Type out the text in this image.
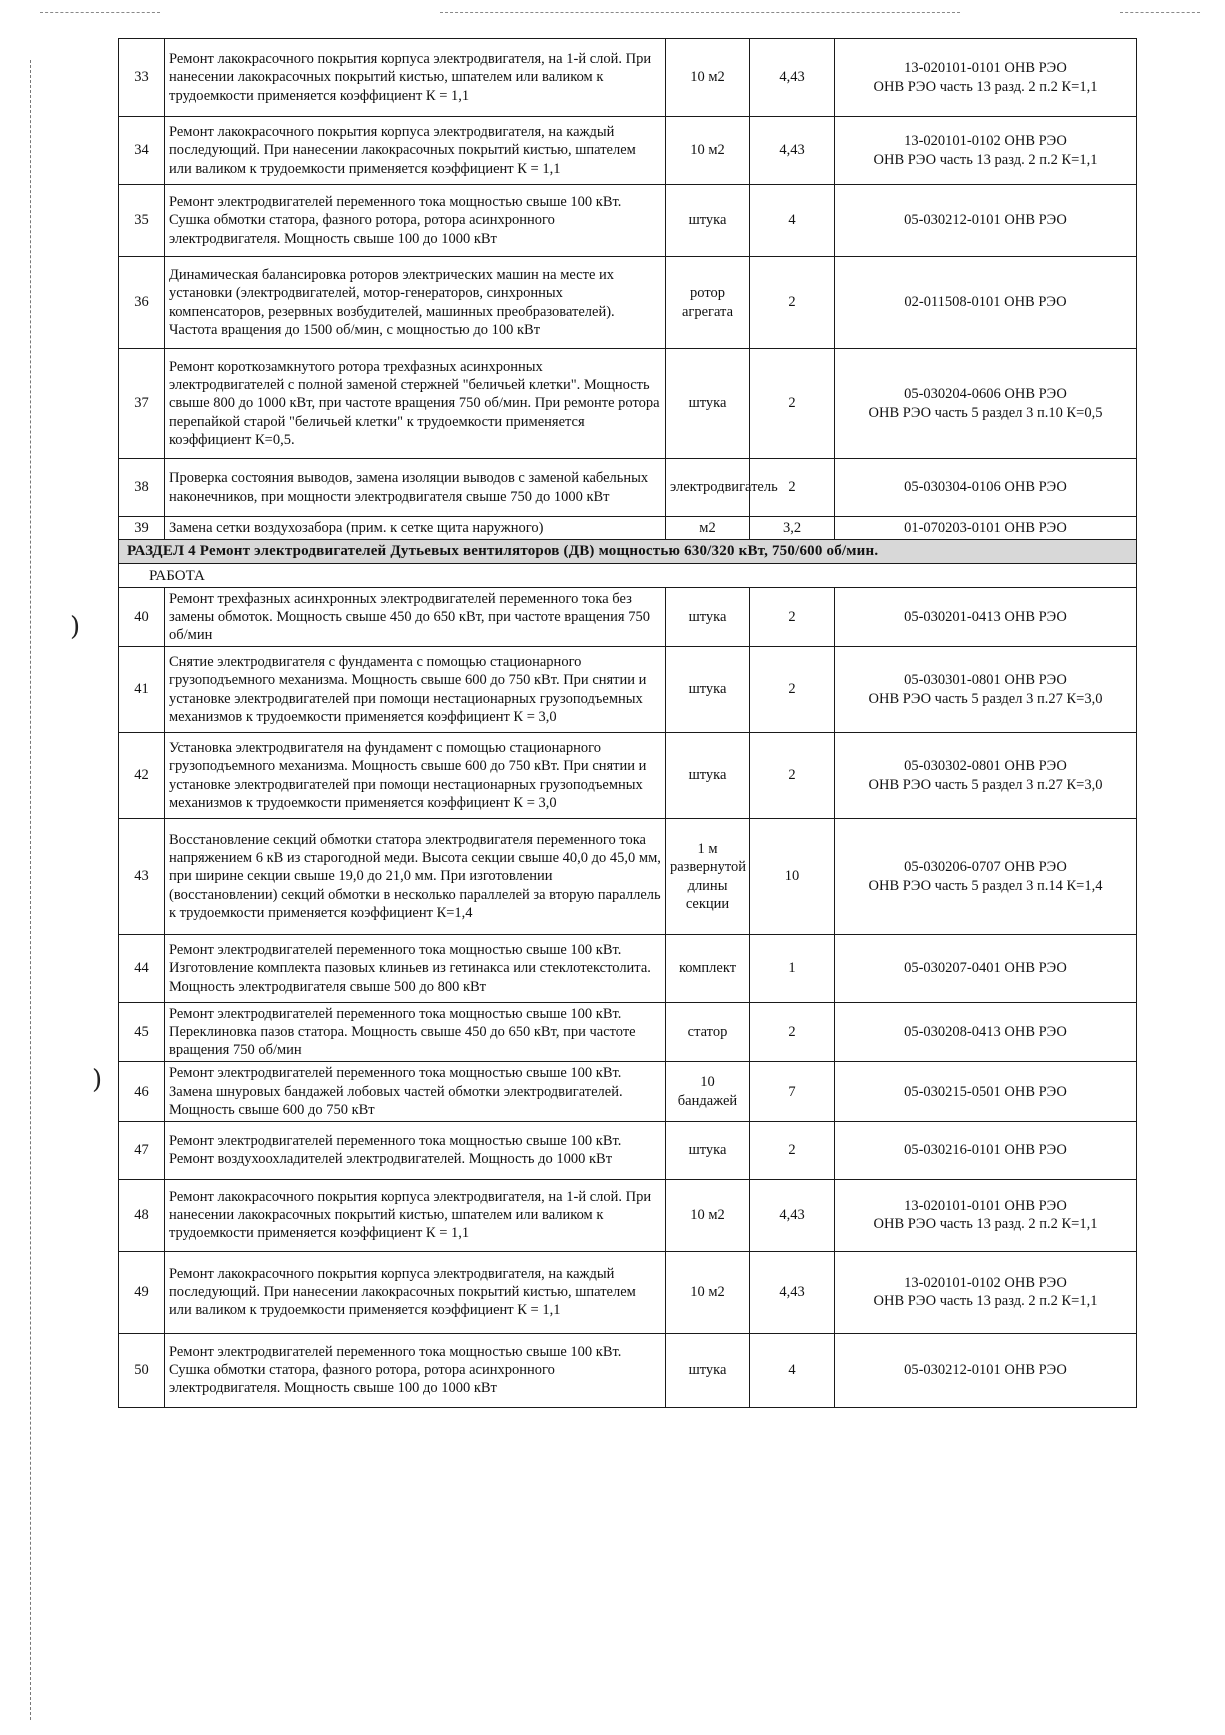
)
)
33	Ремонт лакокрасочного покрытия корпуса электродвигателя, на 1-й слой. При нанесении лакокрасочных покрытий кистью, шпателем или валиком к трудоемкости применяется коэффициент К = 1,1	10 м2	4,43	13-020101-0101 ОНВ РЭО
ОНВ РЭО часть 13 разд. 2 п.2 К=1,1
34	Ремонт лакокрасочного покрытия корпуса электродвигателя, на каждый последующий. При нанесении лакокрасочных покрытий кистью, шпателем или валиком к трудоемкости применяется коэффициент К = 1,1	10 м2	4,43	13-020101-0102 ОНВ РЭО
ОНВ РЭО часть 13 разд. 2 п.2 К=1,1
35	Ремонт электродвигателей переменного тока мощностью свыше 100 кВт. Сушка обмотки статора, фазного ротора, ротора асинхронного электродвигателя. Мощность свыше 100 до 1000 кВт	штука	4	05-030212-0101 ОНВ РЭО
36	Динамическая балансировка роторов электрических машин на месте их установки (электродвигателей, мотор-генераторов, синхронных компенсаторов, резервных возбудителей, машинных преобразователей). Частота вращения до 1500 об/мин, с мощностью до 100 кВт	ротор агрегата	2	02-011508-0101 ОНВ РЭО
37	Ремонт короткозамкнутого ротора трехфазных асинхронных электродвигателей с полной заменой стержней "беличьей клетки". Мощность свыше 800 до 1000 кВт, при частоте вращения 750 об/мин. При ремонте ротора перепайкой старой "беличьей клетки" к трудоемкости применяется коэффициент К=0,5.	штука	2	05-030204-0606 ОНВ РЭО
ОНВ РЭО часть 5 раздел 3 п.10 К=0,5
38	Проверка состояния выводов, замена изоляции выводов с заменой кабельных наконечников, при мощности электродвигателя свыше 750 до 1000 кВт	электродвигатель	2	05-030304-0106 ОНВ РЭО
39	Замена сетки воздухозабора (прим. к сетке щита наружного)	м2	3,2	01-070203-0101 ОНВ РЭО
РАЗДЕЛ 4 Ремонт электродвигателей Дутьевых вентиляторов (ДВ) мощностью 630/320 кВт, 750/600 об/мин.				
РАБОТА				
40	Ремонт трехфазных асинхронных электродвигателей переменного тока без замены обмоток. Мощность свыше 450 до 650 кВт, при частоте вращения 750 об/мин	штука	2	05-030201-0413 ОНВ РЭО
41	Снятие электродвигателя с фундамента с помощью стационарного грузоподъемного механизма. Мощность свыше 600 до 750 кВт. При снятии и установке электродвигателей при помощи нестационарных грузоподъемных механизмов к трудоемкости применяется коэффициент К = 3,0	штука	2	05-030301-0801 ОНВ РЭО
ОНВ РЭО часть 5 раздел 3 п.27 К=3,0
42	Установка электродвигателя на фундамент с помощью стационарного грузоподъемного механизма. Мощность свыше 600 до 750 кВт. При снятии и установке электродвигателей при помощи нестационарных грузоподъемных механизмов к трудоемкости применяется коэффициент К = 3,0	штука	2	05-030302-0801 ОНВ РЭО
ОНВ РЭО часть 5 раздел 3 п.27 К=3,0
43	Восстановление секций обмотки статора электродвигателя переменного тока напряжением 6 кВ из старогодной меди. Высота секции свыше 40,0 до 45,0 мм, при ширине секции свыше 19,0 до 21,0 мм. При изготовлении (восстановлении) секций обмотки в несколько параллелей за вторую параллель к трудоемкости применяется коэффициент К=1,4	1 м развернутой длины секции	10	05-030206-0707 ОНВ РЭО
ОНВ РЭО часть 5 раздел 3 п.14 К=1,4
44	Ремонт электродвигателей переменного тока мощностью свыше 100 кВт. Изготовление комплекта пазовых клиньев из гетинакса или стеклотекстолита. Мощность электродвигателя свыше 500 до 800 кВт	комплект	1	05-030207-0401 ОНВ РЭО
45	Ремонт электродвигателей переменного тока мощностью свыше 100 кВт. Переклиновка пазов статора. Мощность свыше 450 до 650 кВт, при частоте вращения 750 об/мин	статор	2	05-030208-0413 ОНВ РЭО
46	Ремонт электродвигателей переменного тока мощностью свыше 100 кВт. Замена шнуровых бандажей лобовых частей обмотки электродвигателей. Мощность свыше 600 до 750 кВт	10 бандажей	7	05-030215-0501 ОНВ РЭО
47	Ремонт электродвигателей переменного тока мощностью свыше 100 кВт. Ремонт воздухоохладителей электродвигателей. Мощность до 1000 кВт	штука	2	05-030216-0101 ОНВ РЭО
48	Ремонт лакокрасочного покрытия корпуса электродвигателя, на 1-й слой. При нанесении лакокрасочных покрытий кистью, шпателем или валиком к трудоемкости применяется коэффициент К = 1,1	10 м2	4,43	13-020101-0101 ОНВ РЭО
ОНВ РЭО часть 13 разд. 2 п.2 К=1,1
49	Ремонт лакокрасочного покрытия корпуса электродвигателя, на каждый последующий. При нанесении лакокрасочных покрытий кистью, шпателем или валиком к трудоемкости применяется коэффициент К = 1,1	10 м2	4,43	13-020101-0102 ОНВ РЭО
ОНВ РЭО часть 13 разд. 2 п.2 К=1,1
50	Ремонт электродвигателей переменного тока мощностью свыше 100 кВт. Сушка обмотки статора, фазного ротора, ротора асинхронного электродвигателя. Мощность свыше 100 до 1000 кВт	штука	4	05-030212-0101 ОНВ РЭО
